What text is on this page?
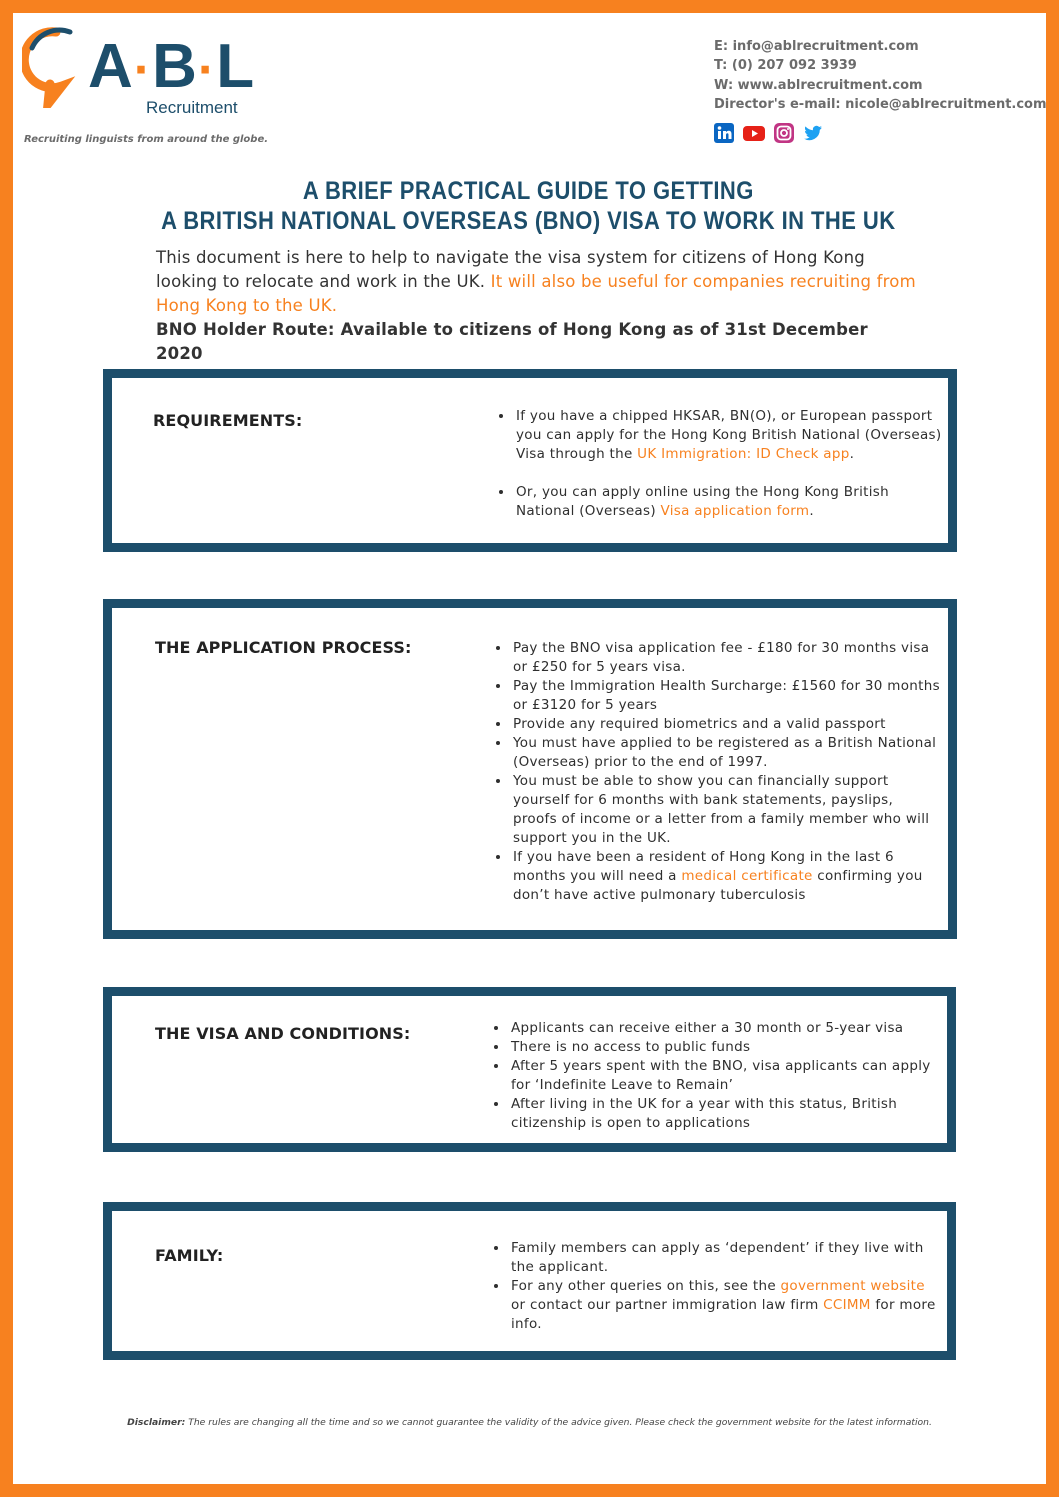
A·B·L
Recruitment
Recruiting linguists from around the globe.
E: info@ablrecruitment.com
T: (0) 207 092 3939
W: www.ablrecruitment.com
Director's e-mail: nicole@ablrecruitment.com
A BRIEF PRACTICAL GUIDE TO GETTING
A BRITISH NATIONAL OVERSEAS (BNO) VISA TO WORK IN THE UK
This document is here to help to navigate the visa system for citizens of Hong Kong looking to relocate and work in the UK. It will also be useful for companies recruiting from Hong Kong to the UK.
BNO Holder Route: Available to citizens of Hong Kong as of 31st December 2020
REQUIREMENTS:	• If you have a chipped HKSAR, BN(O), or European passport you can apply for the Hong Kong British National (Overseas) Visa through the UK Immigration: ID Check app.
• Or, you can apply online using the Hong Kong British National (Overseas) Visa application form.
THE APPLICATION PROCESS:	• Pay the BNO visa application fee - £180 for 30 months visa or £250 for 5 years visa.
• Pay the Immigration Health Surcharge: £1560 for 30 months or £3120 for 5 years
• Provide any required biometrics and a valid passport
• You must have applied to be registered as a British National (Overseas) prior to the end of 1997.
• You must be able to show you can financially support yourself for 6 months with bank statements, payslips, proofs of income or a letter from a family member who will support you in the UK.
• If you have been a resident of Hong Kong in the last 6 months you will need a medical certificate confirming you don’t have active pulmonary tuberculosis
THE VISA AND CONDITIONS:	• Applicants can receive either a 30 month or 5-year visa
• There is no access to public funds
• After 5 years spent with the BNO, visa applicants can apply for ‘Indefinite Leave to Remain’
• After living in the UK for a year with this status, British citizenship is open to applications
FAMILY:	• Family members can apply as ‘dependent’ if they live with the applicant.
• For any other queries on this, see the government website or contact our partner immigration law firm CCIMM for more info.
Disclaimer: The rules are changing all the time and so we cannot guarantee the validity of the advice given. Please check the government website for the latest information.
